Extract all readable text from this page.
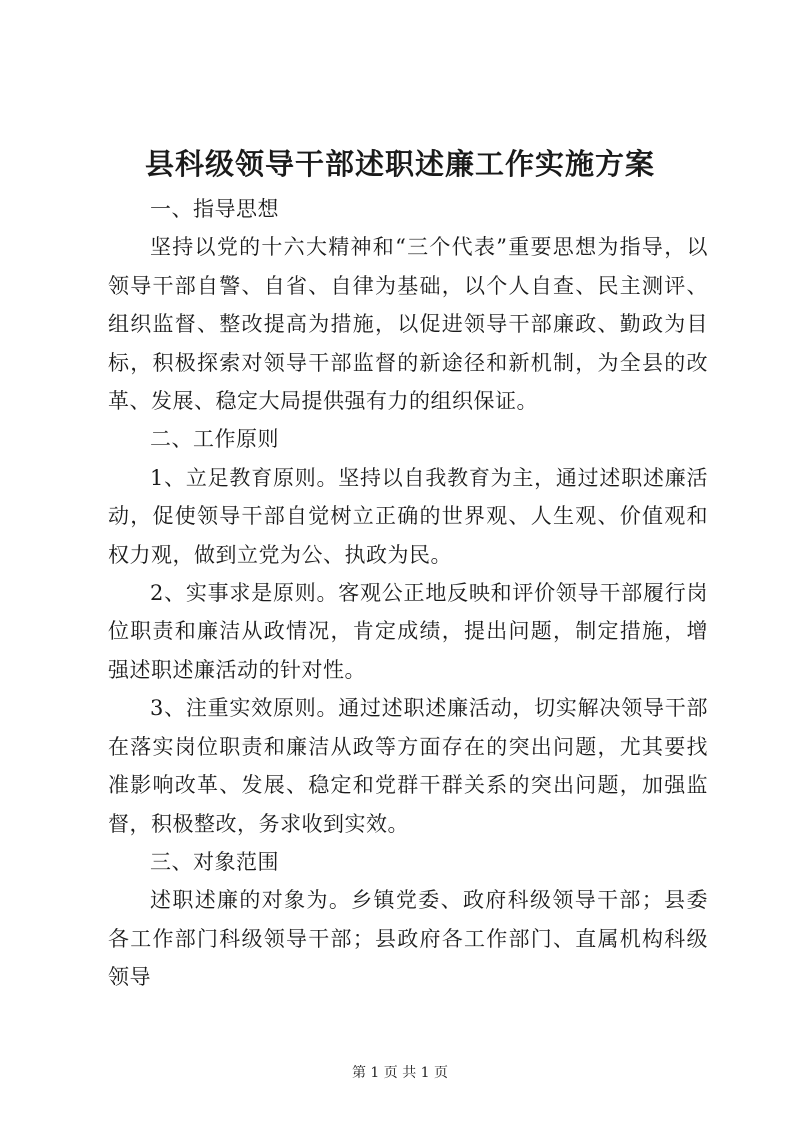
县科级领导干部述职述廉工作实施方案

一、指导思想

坚持以党的十六大精神和“三个代表”重要思想为指导，以领导干部自警、自省、自律为基础，以个人自查、民主测评、组织监督、整改提高为措施，以促进领导干部廉政、勤政为目标，积极探索对领导干部监督的新途径和新机制，为全县的改革、发展、稳定大局提供强有力的组织保证。

二、工作原则

1、立足教育原则。坚持以自我教育为主，通过述职述廉活动，促使领导干部自觉树立正确的世界观、人生观、价值观和权力观，做到立党为公、执政为民。

2、实事求是原则。客观公正地反映和评价领导干部履行岗位职责和廉洁从政情况，肯定成绩，提出问题，制定措施，增强述职述廉活动的针对性。

3、注重实效原则。通过述职述廉活动，切实解决领导干部在落实岗位职责和廉洁从政等方面存在的突出问题，尤其要找准影响改革、发展、稳定和党群干群关系的突出问题，加强监督，积极整改，务求收到实效。

三、对象范围

述职述廉的对象为。乡镇党委、政府科级领导干部；县委各工作部门科级领导干部；县政府各工作部门、直属机构科级领导

第 1 页 共 1 页
